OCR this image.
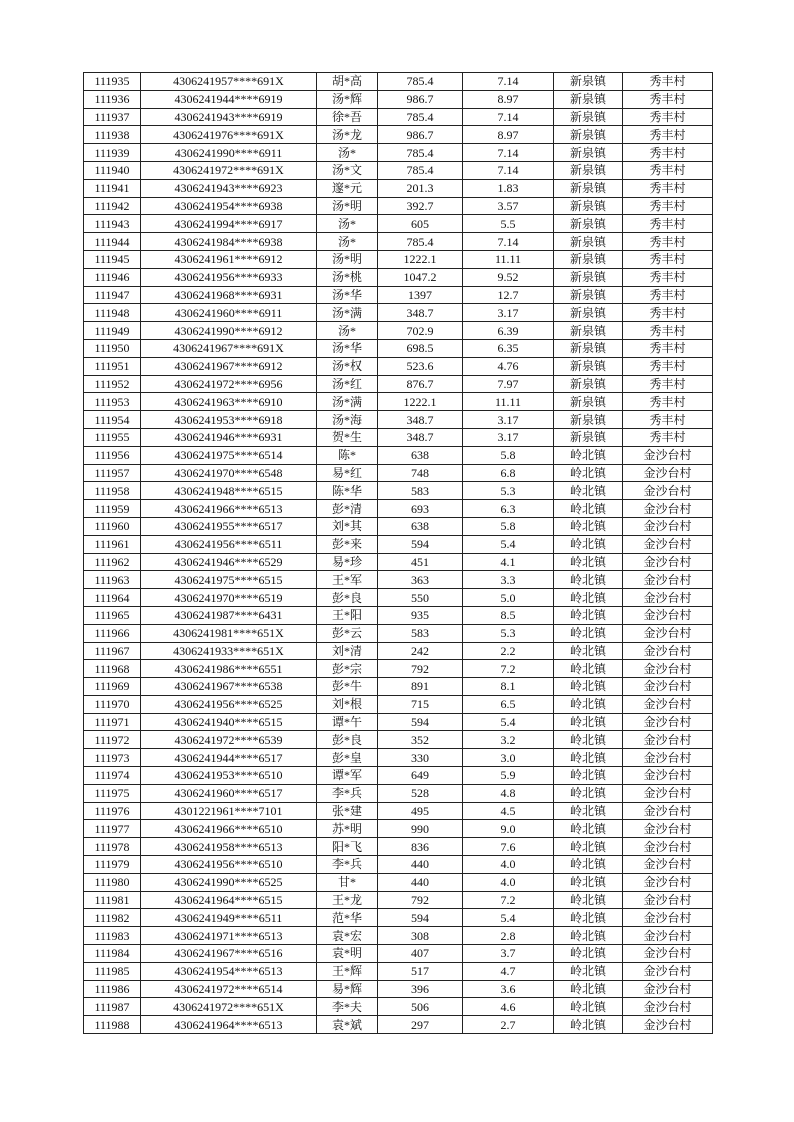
111935	4306241957****691X	胡*高	785.4	7.14	新泉镇	秀丰村
111936	4306241944****6919	汤*辉	986.7	8.97	新泉镇	秀丰村
111937	4306241943****6919	徐*吾	785.4	7.14	新泉镇	秀丰村
111938	4306241976****691X	汤*龙	986.7	8.97	新泉镇	秀丰村
111939	4306241990****6911	汤*	785.4	7.14	新泉镇	秀丰村
111940	4306241972****691X	汤*文	785.4	7.14	新泉镇	秀丰村
111941	4306241943****6923	邃*元	201.3	1.83	新泉镇	秀丰村
111942	4306241954****6938	汤*明	392.7	3.57	新泉镇	秀丰村
111943	4306241994****6917	汤*	605	5.5	新泉镇	秀丰村
111944	4306241984****6938	汤*	785.4	7.14	新泉镇	秀丰村
111945	4306241961****6912	汤*明	1222.1	11.11	新泉镇	秀丰村
111946	4306241956****6933	汤*桃	1047.2	9.52	新泉镇	秀丰村
111947	4306241968****6931	汤*华	1397	12.7	新泉镇	秀丰村
111948	4306241960****6911	汤*满	348.7	3.17	新泉镇	秀丰村
111949	4306241990****6912	汤*	702.9	6.39	新泉镇	秀丰村
111950	4306241967****691X	汤*华	698.5	6.35	新泉镇	秀丰村
111951	4306241967****6912	汤*权	523.6	4.76	新泉镇	秀丰村
111952	4306241972****6956	汤*红	876.7	7.97	新泉镇	秀丰村
111953	4306241963****6910	汤*满	1222.1	11.11	新泉镇	秀丰村
111954	4306241953****6918	汤*海	348.7	3.17	新泉镇	秀丰村
111955	4306241946****6931	贺*生	348.7	3.17	新泉镇	秀丰村
111956	4306241975****6514	陈*	638	5.8	岭北镇	金沙台村
111957	4306241970****6548	易*红	748	6.8	岭北镇	金沙台村
111958	4306241948****6515	陈*华	583	5.3	岭北镇	金沙台村
111959	4306241966****6513	彭*清	693	6.3	岭北镇	金沙台村
111960	4306241955****6517	刘*其	638	5.8	岭北镇	金沙台村
111961	4306241956****6511	彭*来	594	5.4	岭北镇	金沙台村
111962	4306241946****6529	易*珍	451	4.1	岭北镇	金沙台村
111963	4306241975****6515	王*军	363	3.3	岭北镇	金沙台村
111964	4306241970****6519	彭*良	550	5.0	岭北镇	金沙台村
111965	4306241987****6431	王*阳	935	8.5	岭北镇	金沙台村
111966	4306241981****651X	彭*云	583	5.3	岭北镇	金沙台村
111967	4306241933****651X	刘*清	242	2.2	岭北镇	金沙台村
111968	4306241986****6551	彭*宗	792	7.2	岭北镇	金沙台村
111969	4306241967****6538	彭*牛	891	8.1	岭北镇	金沙台村
111970	4306241956****6525	刘*根	715	6.5	岭北镇	金沙台村
111971	4306241940****6515	谭*午	594	5.4	岭北镇	金沙台村
111972	4306241972****6539	彭*良	352	3.2	岭北镇	金沙台村
111973	4306241944****6517	彭*皇	330	3.0	岭北镇	金沙台村
111974	4306241953****6510	谭*军	649	5.9	岭北镇	金沙台村
111975	4306241960****6517	李*兵	528	4.8	岭北镇	金沙台村
111976	4301221961****7101	张*建	495	4.5	岭北镇	金沙台村
111977	4306241966****6510	苏*明	990	9.0	岭北镇	金沙台村
111978	4306241958****6513	阳*飞	836	7.6	岭北镇	金沙台村
111979	4306241956****6510	李*兵	440	4.0	岭北镇	金沙台村
111980	4306241990****6525	甘*	440	4.0	岭北镇	金沙台村
111981	4306241964****6515	王*龙	792	7.2	岭北镇	金沙台村
111982	4306241949****6511	范*华	594	5.4	岭北镇	金沙台村
111983	4306241971****6513	袁*宏	308	2.8	岭北镇	金沙台村
111984	4306241967****6516	袁*明	407	3.7	岭北镇	金沙台村
111985	4306241954****6513	王*辉	517	4.7	岭北镇	金沙台村
111986	4306241972****6514	易*辉	396	3.6	岭北镇	金沙台村
111987	4306241972****651X	李*夫	506	4.6	岭北镇	金沙台村
111988	4306241964****6513	袁*斌	297	2.7	岭北镇	金沙台村
